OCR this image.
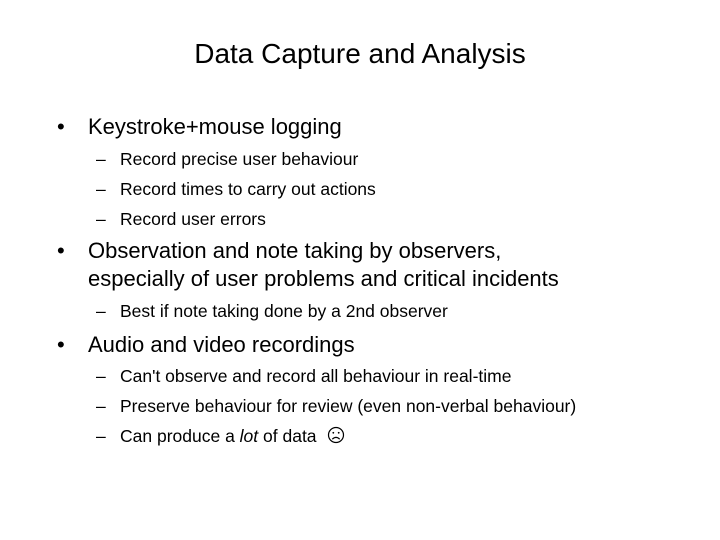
Data Capture and Analysis
• Keystroke+mouse logging
– Record precise user behaviour
– Record times to carry out actions
– Record user errors
• Observation and note taking by observers,
especially of user problems and critical incidents
– Best if note taking done by a 2nd observer
• Audio and video recordings
– Can't observe and record all behaviour in real-time
– Preserve behaviour for review (even non-verbal behaviour)
– Can produce a lot of data
